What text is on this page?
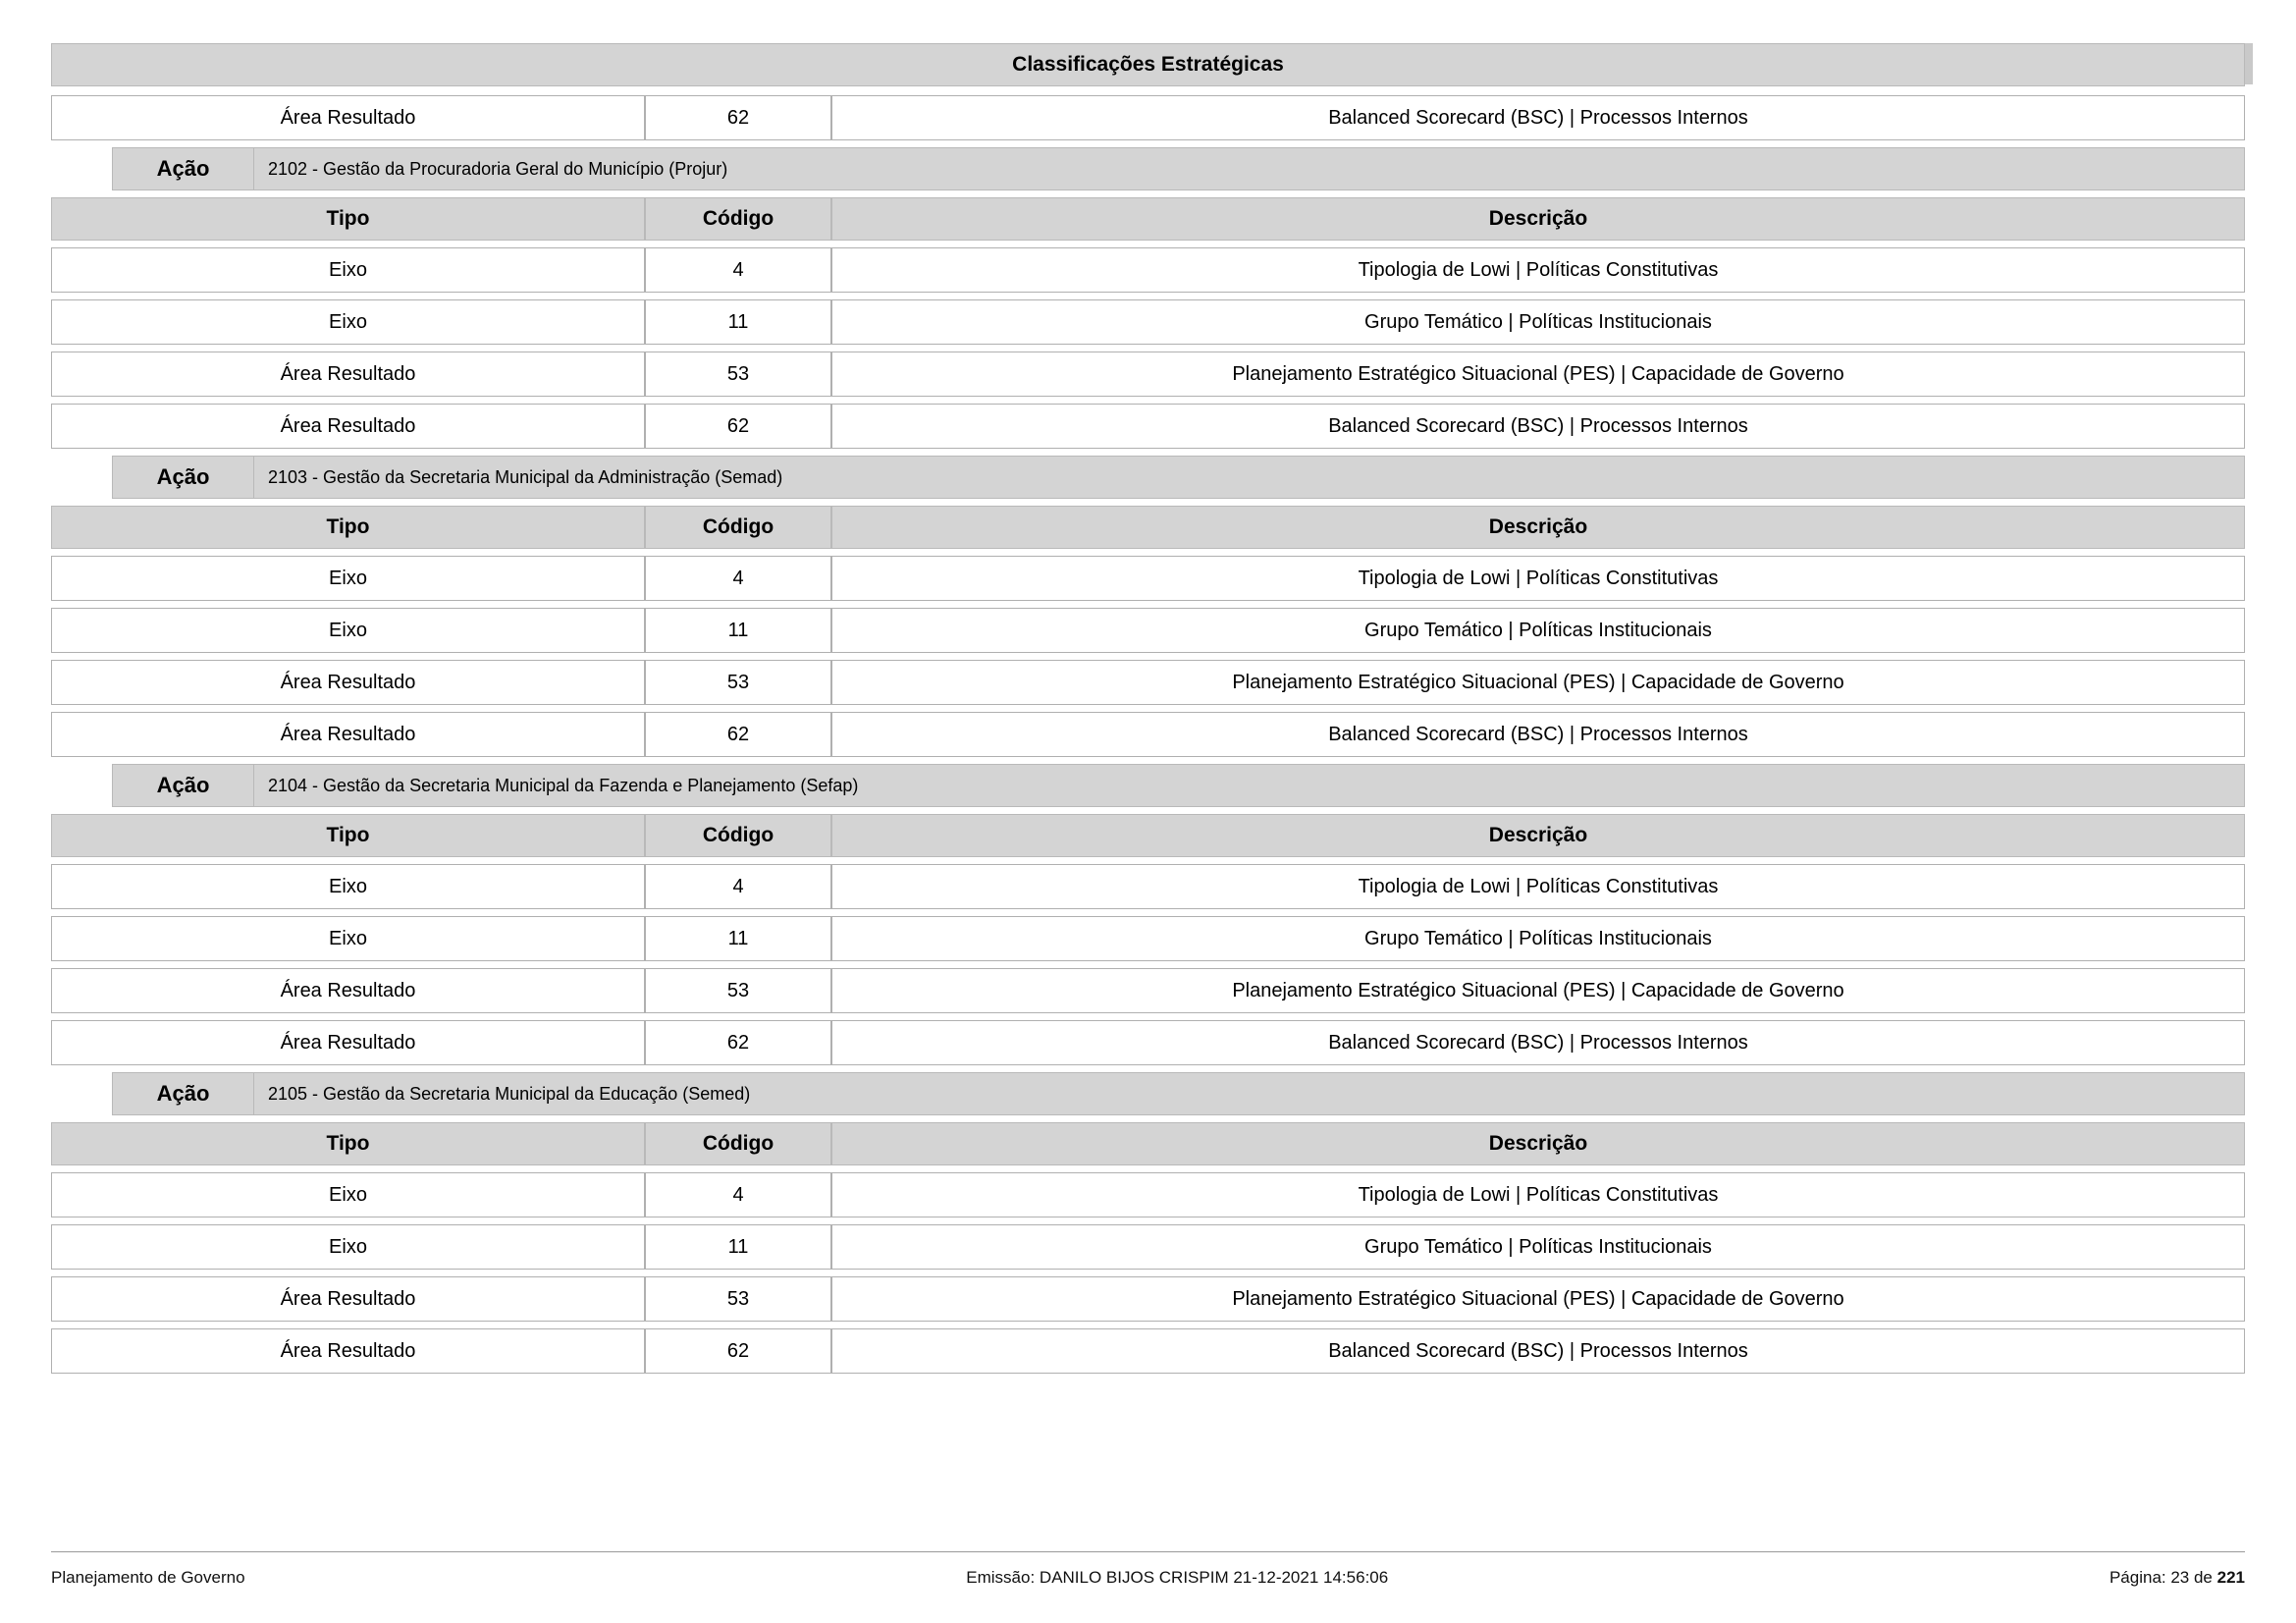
Classificações Estratégicas
Área Resultado	62	Balanced Scorecard (BSC) | Processos Internos
Ação	2102 - Gestão da Procuradoria Geral do Município (Projur)
Tipo	Código	Descrição
Eixo	4	Tipologia de Lowi | Políticas Constitutivas
Eixo	11	Grupo Temático | Políticas Institucionais
Área Resultado	53	Planejamento Estratégico Situacional (PES) | Capacidade de Governo
Área Resultado	62	Balanced Scorecard (BSC) | Processos Internos
Ação	2103 - Gestão da Secretaria Municipal da Administração (Semad)
Tipo	Código	Descrição
Eixo	4	Tipologia de Lowi | Políticas Constitutivas
Eixo	11	Grupo Temático | Políticas Institucionais
Área Resultado	53	Planejamento Estratégico Situacional (PES) | Capacidade de Governo
Área Resultado	62	Balanced Scorecard (BSC) | Processos Internos
Ação	2104 - Gestão da Secretaria Municipal da Fazenda e Planejamento (Sefap)
Tipo	Código	Descrição
Eixo	4	Tipologia de Lowi | Políticas Constitutivas
Eixo	11	Grupo Temático | Políticas Institucionais
Área Resultado	53	Planejamento Estratégico Situacional (PES) | Capacidade de Governo
Área Resultado	62	Balanced Scorecard (BSC) | Processos Internos
Ação	2105 - Gestão da Secretaria Municipal da Educação (Semed)
Tipo	Código	Descrição
Eixo	4	Tipologia de Lowi | Políticas Constitutivas
Eixo	11	Grupo Temático | Políticas Institucionais
Área Resultado	53	Planejamento Estratégico Situacional (PES) | Capacidade de Governo
Área Resultado	62	Balanced Scorecard (BSC) | Processos Internos
Planejamento de Governo	Emissão: DANILO BIJOS CRISPIM 21-12-2021 14:56:06	Página: 23 de 221
